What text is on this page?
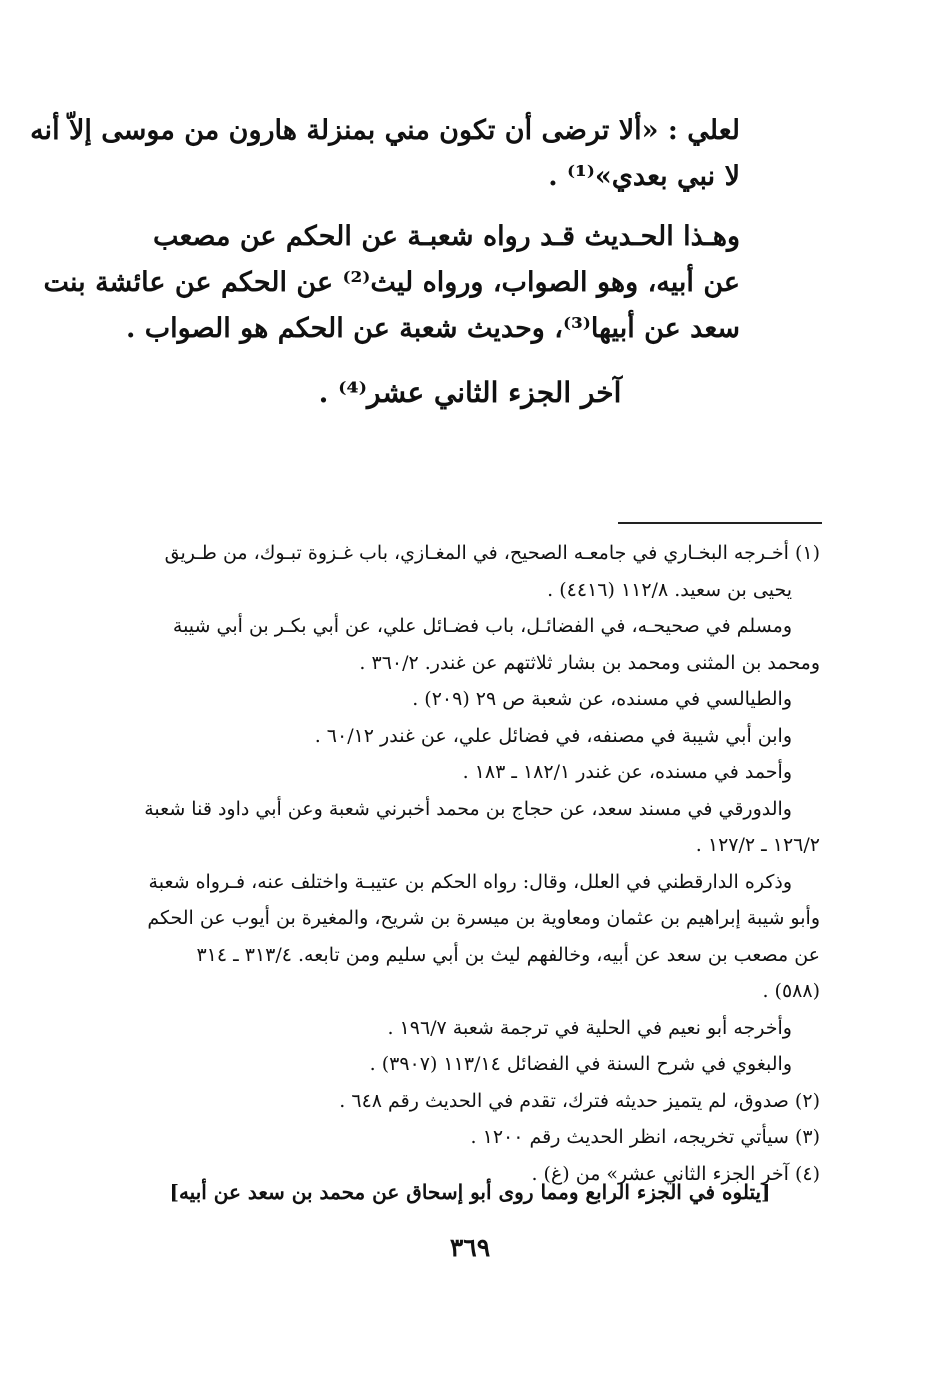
لعلي : «ألا ترضى أن تكون مني بمنزلة هارون من موسى إلاّ أنه
لا نبي بعدي»⁽¹⁾ .
وهـذا الحـديث قـد رواه شعبـة عن الحكم عن مصعب
عن أبيه، وهو الصواب، ورواه ليث⁽²⁾ عن الحكم عن عائشة بنت
سعد عن أبيها⁽³⁾، وحديث شعبة عن الحكم هو الصواب .
آخر الجزء الثاني عشر⁽⁴⁾ .
(١) أخـرجه البخـاري في جامعـه الصحيح، في المغـازي، باب غـزوة تبـوك، من طـريق
يحيى بن سعيد. ١١٢/٨ (٤٤١٦) .
ومسلم في صحيحـه، في الفضائـل، باب فضـائل علي، عن أبي بكـر بن أبي شيبة
ومحمد بن المثنى ومحمد بن بشار ثلاثتهم عن غندر. ٣٦٠/٢ .
والطيالسي في مسنده، عن شعبة ص ٢٩ (٢٠٩) .
وابن أبي شيبة في مصنفه، في فضائل علي، عن غندر ٦٠/١٢ .
وأحمد في مسنده، عن غندر ١٨٢/١ ـ ١٨٣ .
والدورقي في مسند سعد، عن حجاج بن محمد أخبرني شعبة وعن أبي داود قنا شعبة
١٢٦/٢ ـ ١٢٧/٢ .
وذكره الدارقطني في العلل، وقال: رواه الحكم بن عتيبـة واختلف عنه، فـرواه شعبة
وأبو شيبة إبراهيم بن عثمان ومعاوية بن ميسرة بن شريح، والمغيرة بن أيوب عن الحكم
عن مصعب بن سعد عن أبيه، وخالفهم ليث بن أبي سليم ومن تابعه. ٣١٣/٤ ـ ٣١٤
(٥٨٨) .
وأخرجه أبو نعيم في الحلية في ترجمة شعبة ١٩٦/٧ .
والبغوي في شرح السنة في الفضائل ١١٣/١٤ (٣٩٠٧) .
(٢) صدوق، لم يتميز حديثه فترك، تقدم في الحديث رقم ٦٤٨ .
(٣) سيأتي تخريجه، انظر الحديث رقم ١٢٠٠ .
(٤) آخر الجزء الثاني عشر» من (غ) .
[يتلوه في الجزء الرابع ومما روى أبو إسحاق عن محمد بن سعد عن أبيه]
٣٦٩
